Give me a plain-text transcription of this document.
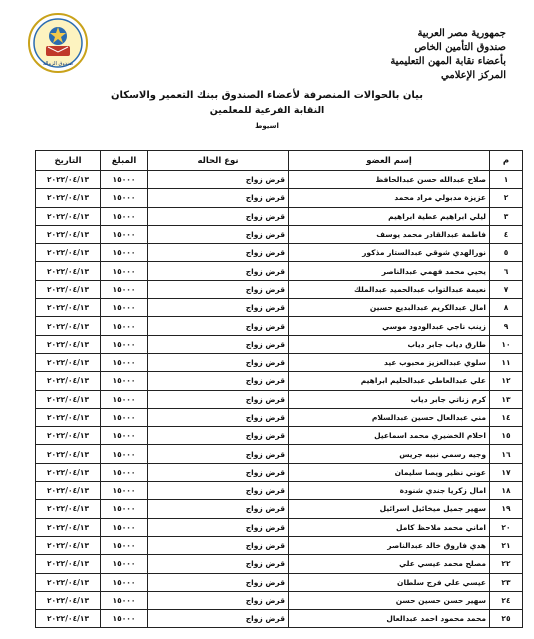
صندوق الزمالة
جمهورية مصر العربية
صندوق التأمين الخاص
بأعضاء نقابة المهن التعليمية
المركز الإعلامي
بيان بالحوالات المنصرفة لأعضاء الصندوق ببنك التعمير والاسكان
النقابة الفرعية للمعلمين
اسيوط
م	إسم العضو	نوع الحاله	المبلغ	التاريخ
١	صلاح عبدالله حسن عبدالحافظ	قرض زواج	١٥٠٠٠	٢٠٢٢/٠٤/١٣
٢	عزيزة مدبولي مراد محمد	قرض زواج	١٥٠٠٠	٢٠٢٢/٠٤/١٣
٣	ليلي ابراهيم عطية ابراهيم	قرض زواج	١٥٠٠٠	٢٠٢٢/٠٤/١٣
٤	فاطمة عبدالقادر محمد يوسف	قرض زواج	١٥٠٠٠	٢٠٢٢/٠٤/١٣
٥	نورالهدي شوقي عبدالستار مذكور	قرض زواج	١٥٠٠٠	٢٠٢٢/٠٤/١٣
٦	يحيي محمد فهمي عبدالناصر	قرض زواج	١٥٠٠٠	٢٠٢٢/٠٤/١٣
٧	نعيمة عبدالتواب عبدالحميد عبدالملك	قرض زواج	١٥٠٠٠	٢٠٢٢/٠٤/١٣
٨	امال عبدالكريم عبدالبديع حسين	قرض زواج	١٥٠٠٠	٢٠٢٢/٠٤/١٣
٩	زينب ناجي عبدالودود موسي	قرض زواج	١٥٠٠٠	٢٠٢٢/٠٤/١٣
١٠	طارق دياب جابر دياب	قرض زواج	١٥٠٠٠	٢٠٢٢/٠٤/١٣
١١	سلوي عبدالعزيز محبوب عيد	قرض زواج	١٥٠٠٠	٢٠٢٢/٠٤/١٣
١٢	علي عبدالعاطي عبدالحليم ابراهيم	قرض زواج	١٥٠٠٠	٢٠٢٢/٠٤/١٣
١٣	كرم زناتي جابر دياب	قرض زواج	١٥٠٠٠	٢٠٢٢/٠٤/١٣
١٤	مني عبدالعال حسين عبدالسلام	قرض زواج	١٥٠٠٠	٢٠٢٢/٠٤/١٣
١٥	احلام الخضيري محمد اسماعيل	قرض زواج	١٥٠٠٠	٢٠٢٢/٠٤/١٣
١٦	وجيه رسمي نبيه جريس	قرض زواج	١٥٠٠٠	٢٠٢٢/٠٤/١٣
١٧	عوني نظير ويصا سليمان	قرض زواج	١٥٠٠٠	٢٠٢٢/٠٤/١٣
١٨	امال زكريا جندي شنودة	قرض زواج	١٥٠٠٠	٢٠٢٢/٠٤/١٣
١٩	سهير جميل ميخائيل اسرائيل	قرض زواج	١٥٠٠٠	٢٠٢٢/٠٤/١٣
٢٠	اماني محمد ملاحظ كامل	قرض زواج	١٥٠٠٠	٢٠٢٢/٠٤/١٣
٢١	هدي فاروق خالد عبدالناصر	قرض زواج	١٥٠٠٠	٢٠٢٢/٠٤/١٣
٢٢	مصلح محمد عيسي علي	قرض زواج	١٥٠٠٠	٢٠٢٢/٠٤/١٣
٢٣	عيسي علي فرج سلطان	قرض زواج	١٥٠٠٠	٢٠٢٢/٠٤/١٣
٢٤	سهير حسن حسين حسن	قرض زواج	١٥٠٠٠	٢٠٢٢/٠٤/١٣
٢٥	محمد محمود احمد عبدالعال	قرض زواج	١٥٠٠٠	٢٠٢٢/٠٤/١٣
